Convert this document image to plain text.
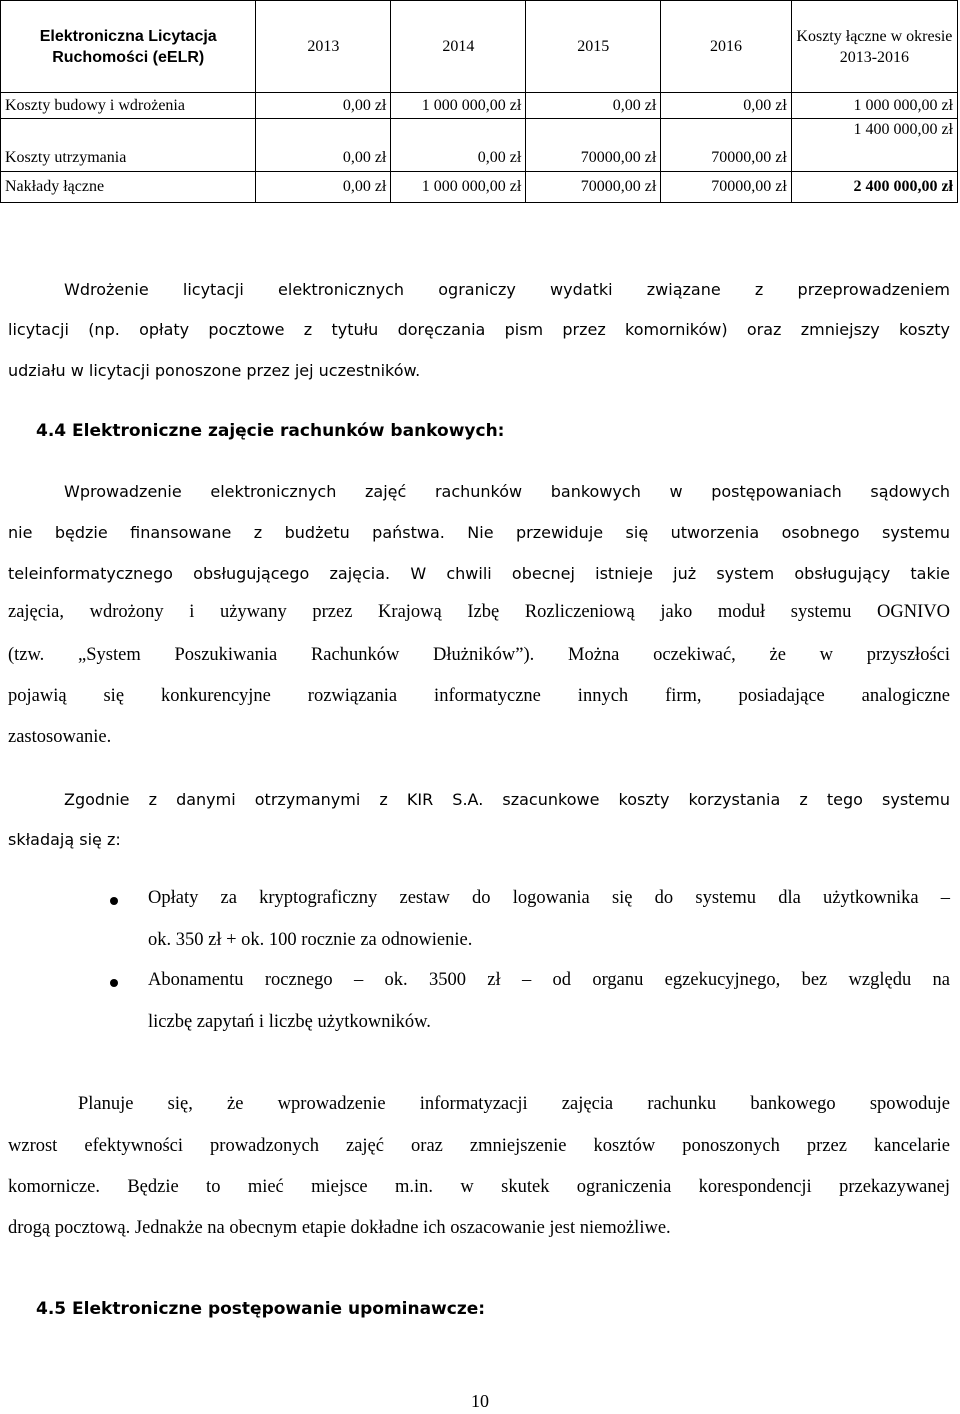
Elektroniczna Licytacja Ruchomości (eELR)	2013	2014	2015	2016	Koszty łączne w okresie 2013-2016
Koszty budowy i wdrożenia	0,00 zł	1 000 000,00 zł	0,00 zł	0,00 zł	1 000 000,00 zł
Koszty utrzymania	0,00 zł	0,00 zł	70000,00 zł	70000,00 zł	1 400 000,00 zł
Nakłady łączne	0,00 zł	1 000 000,00 zł	70000,00 zł	70000,00 zł	2 400 000,00 zł
Wdrożenie licytacji elektronicznych ograniczy wydatki związane z przeprowadzeniem
licytacji (np. opłaty pocztowe z tytułu doręczania pism przez komorników) oraz zmniejszy koszty
udziału w licytacji ponoszone przez jej uczestników.
4.4 Elektroniczne zajęcie rachunków bankowych:
Wprowadzenie elektronicznych zajęć rachunków bankowych w postępowaniach sądowych
nie będzie finansowane z budżetu państwa. Nie przewiduje się utworzenia osobnego systemu
teleinformatycznego obsługującego zajęcia. W chwili obecnej istnieje już system obsługujący takie
zajęcia, wdrożony i używany przez Krajową Izbę Rozliczeniową jako moduł systemu OGNIVO
(tzw. „System Poszukiwania Rachunków Dłużników”). Można oczekiwać, że w przyszłości
pojawią się konkurencyjne rozwiązania informatyczne innych firm, posiadające analogiczne
zastosowanie.
Zgodnie z danymi otrzymanymi z KIR S.A. szacunkowe koszty korzystania z tego systemu
składają się z:
Opłaty za kryptograficzny zestaw do logowania się do systemu dla użytkownika –
ok. 350 zł + ok. 100 rocznie za odnowienie.
Abonamentu rocznego – ok. 3500 zł – od organu egzekucyjnego, bez względu na
liczbę zapytań i liczbę użytkowników.
Planuje się, że wprowadzenie informatyzacji zajęcia rachunku bankowego spowoduje
wzrost efektywności prowadzonych zajęć oraz zmniejszenie kosztów ponoszonych przez kancelarie
komornicze. Będzie to mieć miejsce m.in. w skutek ograniczenia korespondencji przekazywanej
drogą pocztową. Jednakże na obecnym etapie dokładne ich oszacowanie jest niemożliwe.
4.5 Elektroniczne postępowanie upominawcze:
10
